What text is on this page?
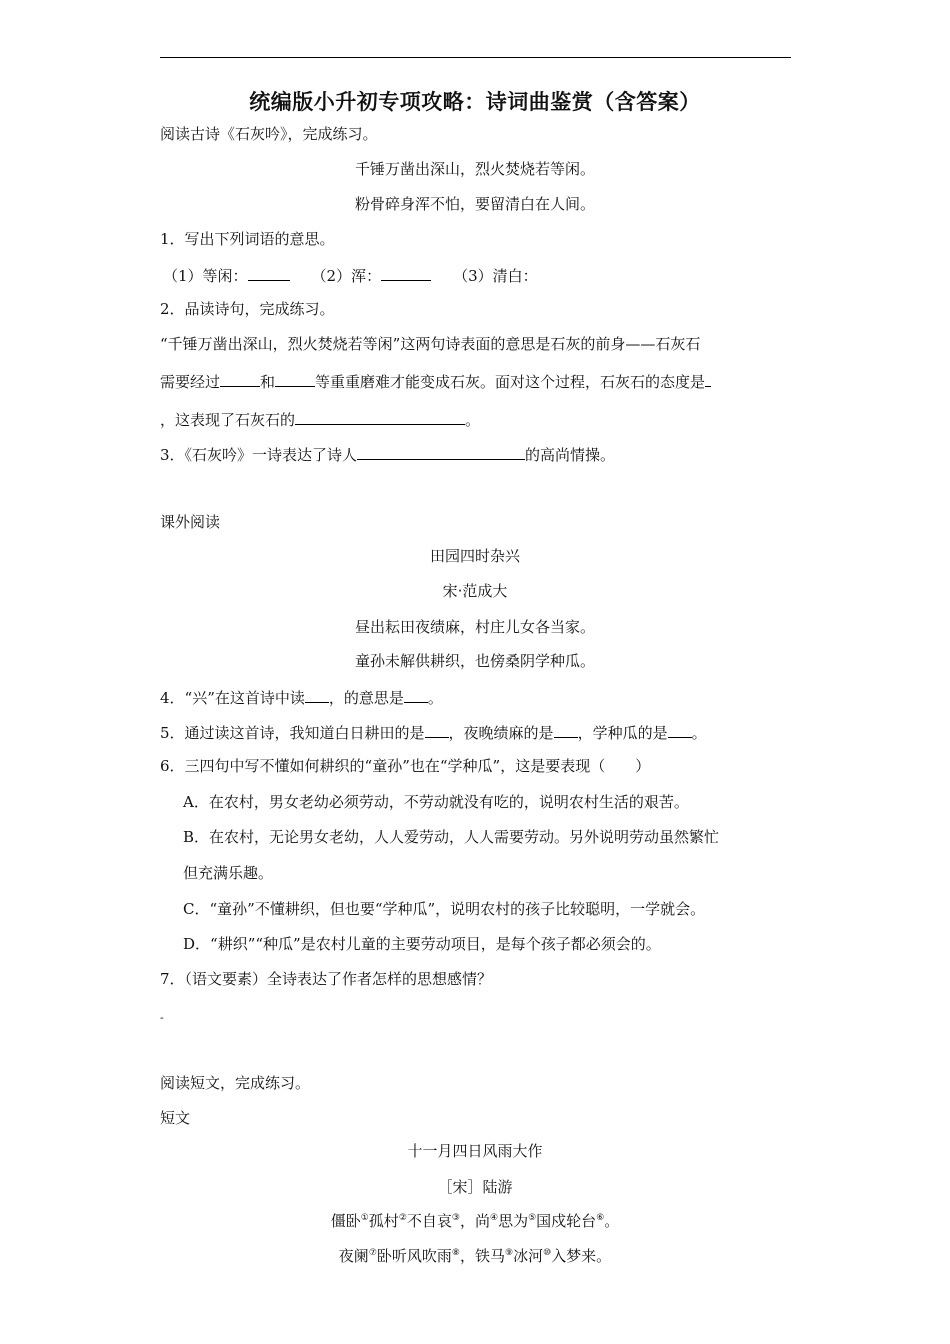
统编版小升初专项攻略：诗词曲鉴赏（含答案）
阅读古诗《石灰吟》，完成练习。
千锤万凿出深山，烈火焚烧若等闲。
粉骨碎身浑不怕，要留清白在人间。
1．写出下列词语的意思。
（1）等闲：	（2）浑：	（3）清白：
2．品读诗句，完成练习。
“千锤万凿出深山，烈火焚烧若等闲”这两句诗表面的意思是石灰的前身——石灰石
需要经过	和	等重重磨难才能变成石灰。面对这个过程，石灰石的态度是
，这表现了石灰石的	。
3．《石灰吟》一诗表达了诗人	的高尚情操。
课外阅读
田园四时杂兴
宋·范成大
昼出耘田夜绩麻，村庄儿女各当家。
童孙未解供耕织，也傍桑阴学种瓜。
4．“兴”在这首诗中读 ，的意思是 。
5．通过读这首诗，我知道白日耕田的是 ，夜晚绩麻的是 ，学种瓜的是 。
6．三四句中写不懂如何耕织的“童孙”也在“学种瓜”，这是要表现（　　）
A．在农村，男女老幼必须劳动，不劳动就没有吃的，说明农村生活的艰苦。
B．在农村，无论男女老幼，人人爱劳动，人人需要劳动。另外说明劳动虽然繁忙
但充满乐趣。
C．“童孙”不懂耕织，但也要“学种瓜”，说明农村的孩子比较聪明，一学就会。
D．“耕织”“种瓜”是农村儿童的主要劳动项目，是每个孩子都必须会的。
7．（语文要素）全诗表达了作者怎样的思想感情？
-
阅读短文，完成练习。
短文
十一月四日风雨大作
［宋］陆游
僵卧①孤村②不自哀③，尚④思为⑤国戍轮台⑥。
夜阑⑦卧听风吹雨⑧，铁马⑨冰河⑩入梦来。
